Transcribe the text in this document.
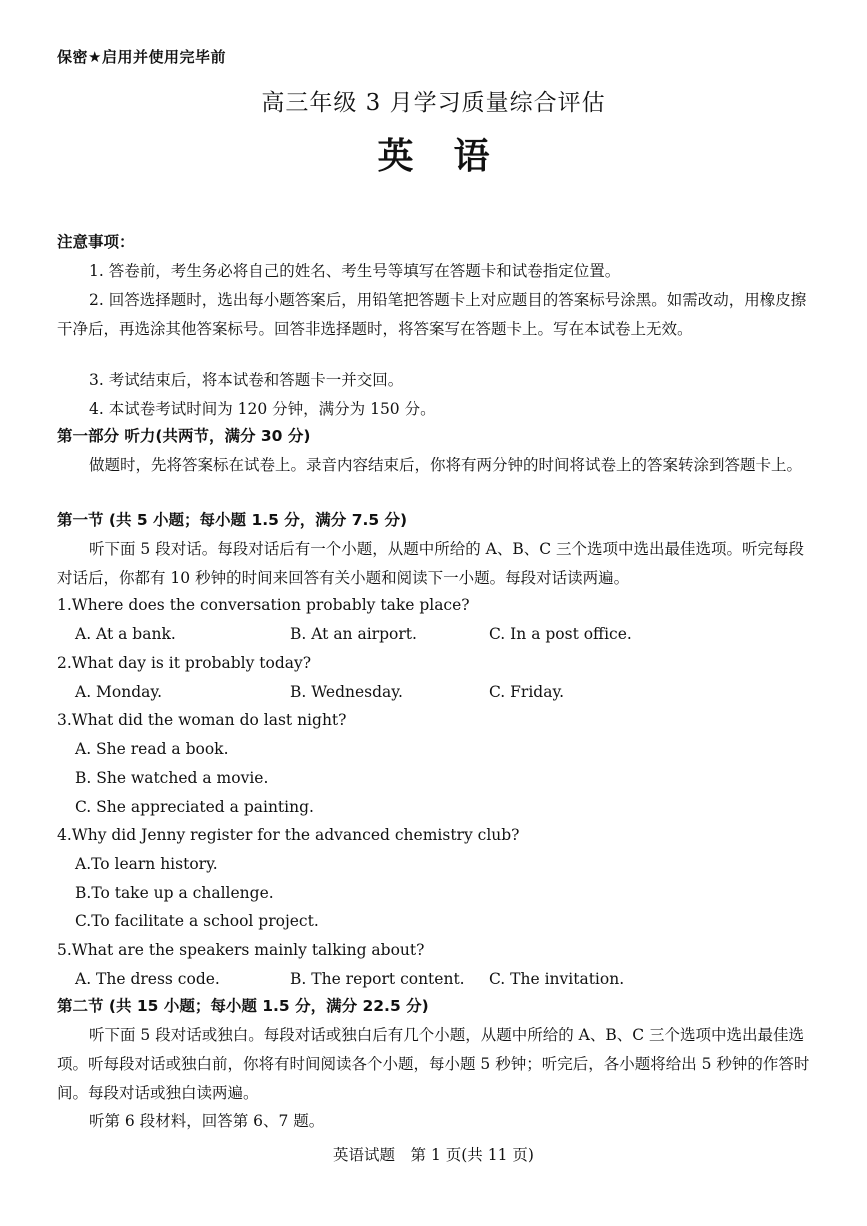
保密★启用并使用完毕前
高三年级 3 月学习质量综合评估
英语
注意事项：
1. 答卷前，考生务必将自己的姓名、考生号等填写在答题卡和试卷指定位置。
2. 回答选择题时，选出每小题答案后，用铅笔把答题卡上对应题目的答案标号涂黑。如需改动，用橡皮擦干净后，再选涂其他答案标号。回答非选择题时，将答案写在答题卡上。写在本试卷上无效。
3. 考试结束后，将本试卷和答题卡一并交回。
4. 本试卷考试时间为 120 分钟，满分为 150 分。
第一部分 听力(共两节，满分 30 分)
做题时，先将答案标在试卷上。录音内容结束后，你将有两分钟的时间将试卷上的答案转涂到答题卡上。
第一节 (共 5 小题；每小题 1.5 分，满分 7.5 分)
听下面 5 段对话。每段对话后有一个小题，从题中所给的 A、B、C 三个选项中选出最佳选项。听完每段对话后，你都有 10 秒钟的时间来回答有关小题和阅读下一小题。每段对话读两遍。
1.Where does the conversation probably take place?
A. At a bank.	B. At an airport.	C. In a post office.
2.What day is it probably today?
A. Monday.	B. Wednesday.	C. Friday.
3.What did the woman do last night?
A. She read a book.
B. She watched a movie.
C. She appreciated a painting.
4.Why did Jenny register for the advanced chemistry club?
A.To learn history.
B.To take up a challenge.
C.To facilitate a school project.
5.What are the speakers mainly talking about?
A. The dress code.	B. The report content. C. The invitation.
第二节 (共 15 小题；每小题 1.5 分，满分 22.5 分)
听下面 5 段对话或独白。每段对话或独白后有几个小题，从题中所给的 A、B、C 三个选项中选出最佳选项。听每段对话或独白前，你将有时间阅读各个小题，每小题 5 秒钟；听完后，各小题将给出 5 秒钟的作答时间。每段对话或独白读两遍。
听第 6 段材料，回答第 6、7 题。
英语试题　第 1 页(共 11 页)
